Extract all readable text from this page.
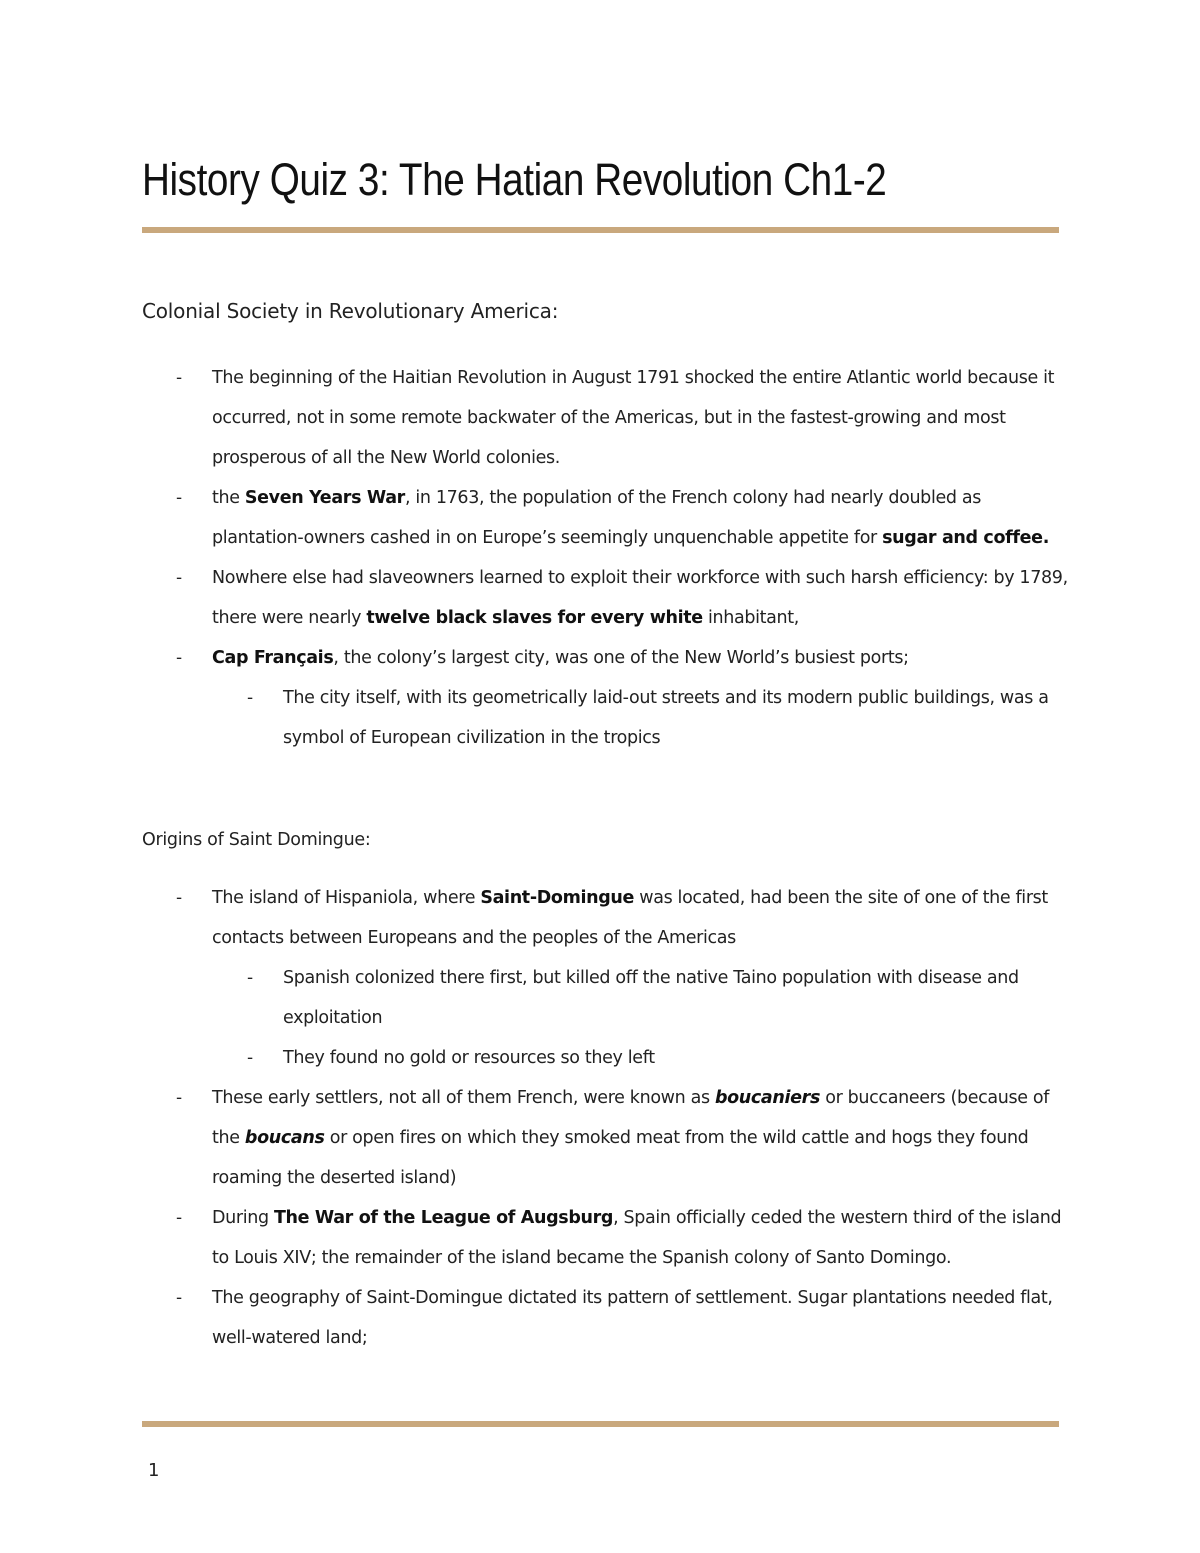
History Quiz 3: The Hatian Revolution Ch1-2
Colonial Society in Revolutionary America:
- The beginning of the Haitian Revolution in August 1791 shocked the entire Atlantic world because it occurred, not in some remote backwater of the Americas, but in the fastest-growing and most prosperous of all the New World colonies.
- the Seven Years War, in 1763, the population of the French colony had nearly doubled as plantation-owners cashed in on Europe’s seemingly unquenchable appetite for sugar and coffee.
- Nowhere else had slaveowners learned to exploit their workforce with such harsh efficiency: by 1789, there were nearly twelve black slaves for every white inhabitant,
- Cap Français, the colony’s largest city, was one of the New World’s busiest ports;
- The city itself, with its geometrically laid-out streets and its modern public buildings, was a symbol of European civilization in the tropics
Origins of Saint Domingue:
- The island of Hispaniola, where Saint-Domingue was located, had been the site of one of the first contacts between Europeans and the peoples of the Americas
- Spanish colonized there first, but killed off the native Taino population with disease and exploitation
- They found no gold or resources so they left
- These early settlers, not all of them French, were known as boucaniers or buccaneers (because of the boucans or open fires on which they smoked meat from the wild cattle and hogs they found roaming the deserted island)
- During The War of the League of Augsburg, Spain officially ceded the western third of the island to Louis XIV; the remainder of the island became the Spanish colony of Santo Domingo.
- The geography of Saint-Domingue dictated its pattern of settlement. Sugar plantations needed flat, well-watered land;
1
